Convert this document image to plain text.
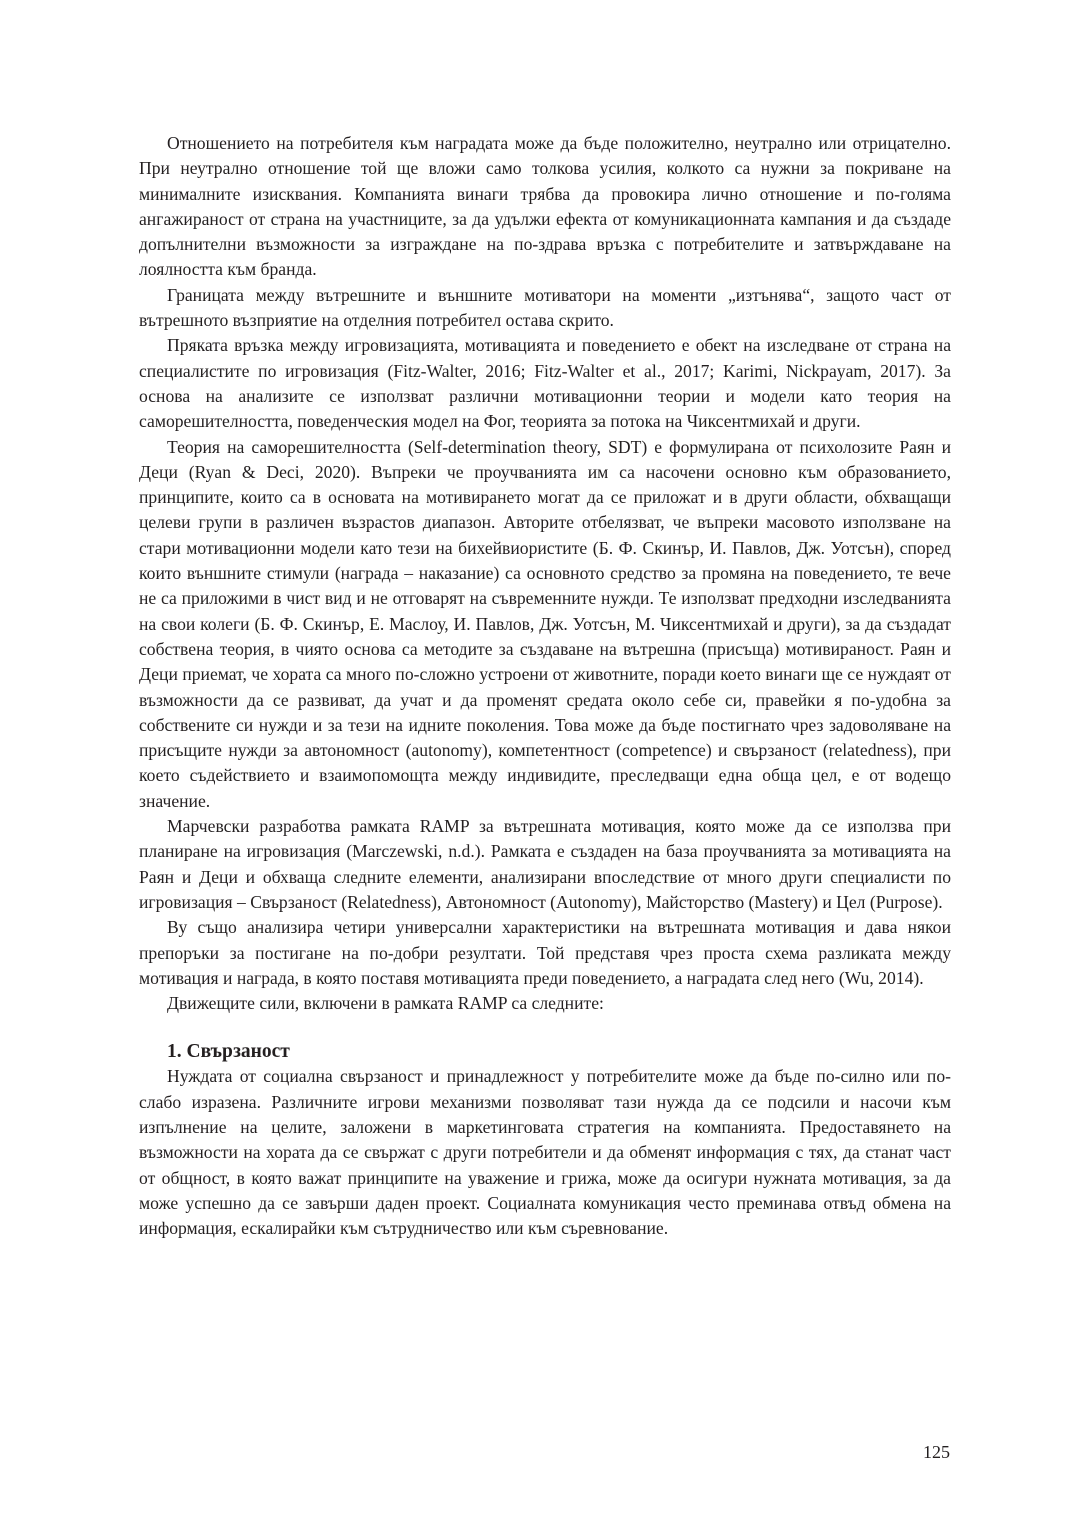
Отношението на потребителя към наградата може да бъде положително, неутрално или отрицателно. При неутрално отношение той ще вложи само толкова усилия, колкото са нужни за покриване на минималните изисквания. Компанията винаги трябва да провокира лично отношение и по-голяма ангажираност от страна на участниците, за да удължи ефекта от комуникационната кампания и да създаде допълнителни възможности за изграждане на по-здрава връзка с потребителите и затвърждаване на лоялността към бранда.

Границата между вътрешните и външните мотиватори на моменти „изтънява“, защото част от вътрешното възприятие на отделния потребител остава скрито.

Пряката връзка между игровизацията, мотивацията и поведението е обект на изследване от страна на специалистите по игровизация (Fitz-Walter, 2016; Fitz-Walter et al., 2017; Karimi, Nickpayam, 2017). За основа на анализите се използват различни мотивационни теории и модели като теория на саморешителността, поведенческия модел на Фог, теорията за потока на Чиксентмихай и други.

Теория на саморешителността (Self-determination theory, SDT) е формулирана от психолозите Раян и Деци (Ryan & Deci, 2020). Въпреки че проучванията им са насочени основно към образованието, принципите, които са в основата на мотивирането могат да се приложат и в други области, обхващащи целеви групи в различен възрастов диапазон. Авторите отбелязват, че въпреки масовото използване на стари мотивационни модели като тези на бихейвиористите (Б. Ф. Скинър, И. Павлов, Дж. Уотсън), според които външните стимули (награда – наказание) са основното средство за промяна на поведението, те вече не са приложими в чист вид и не отговарят на съвременните нужди. Те използват предходни изследванията на свои колеги (Б. Ф. Скинър, Е. Маслоу, И. Павлов, Дж. Уотсън, М. Чиксентмихай и други), за да създадат собствена теория, в чиято основа са методите за създаване на вътрешна (присъща) мотивираност. Раян и Деци приемат, че хората са много по-сложно устроени от животните, поради което винаги ще се нуждаят от възможности да се развиват, да учат и да променят средата около себе си, правейки я по-удобна за собствените си нужди и за тези на идните поколения. Това може да бъде постигнато чрез задоволяване на присъщите нужди за автономност (autonomy), компетентност (competence) и свързаност (relatedness), при което съдействието и взаимопомощта между индивидите, преследващи една обща цел, е от водещо значение.

Марчевски разработва рамката RAMP за вътрешната мотивация, която може да се използва при планиране на игровизация (Marczewski, n.d.). Рамката е създаден на база проучванията за мотивацията на Раян и Деци и обхваща следните елементи, анализирани впоследствие от много други специалисти по игровизация – Свързаност (Relatedness), Автономност (Autonomy), Майсторство (Mastery) и Цел (Purpose).

Ву също анализира четири универсални характеристики на вътрешната мотивация и дава някои препоръки за постигане на по-добри резултати. Той представя чрез проста схема разликата между мотивация и награда, в която поставя мотивацията преди поведението, а наградата след него (Wu, 2014).

Движещите сили, включени в рамката RAMP са следните:

1. Свързаност

Нуждата от социална свързаност и принадлежност у потребителите може да бъде по-силно или по-слабо изразена. Различните игрови механизми позволяват тази нужда да се подсили и насочи към изпълнение на целите, заложени в маркетинговата стратегия на компанията. Предоставянето на възможности на хората да се свържат с други потребители и да обменят информация с тях, да станат част от общност, в която важат принципите на уважение и грижа, може да осигури нужната мотивация, за да може успешно да се завърши даден проект. Социалната комуникация често преминава отвъд обмена на информация, ескалирайки към сътрудничество или към съревнование.

125
